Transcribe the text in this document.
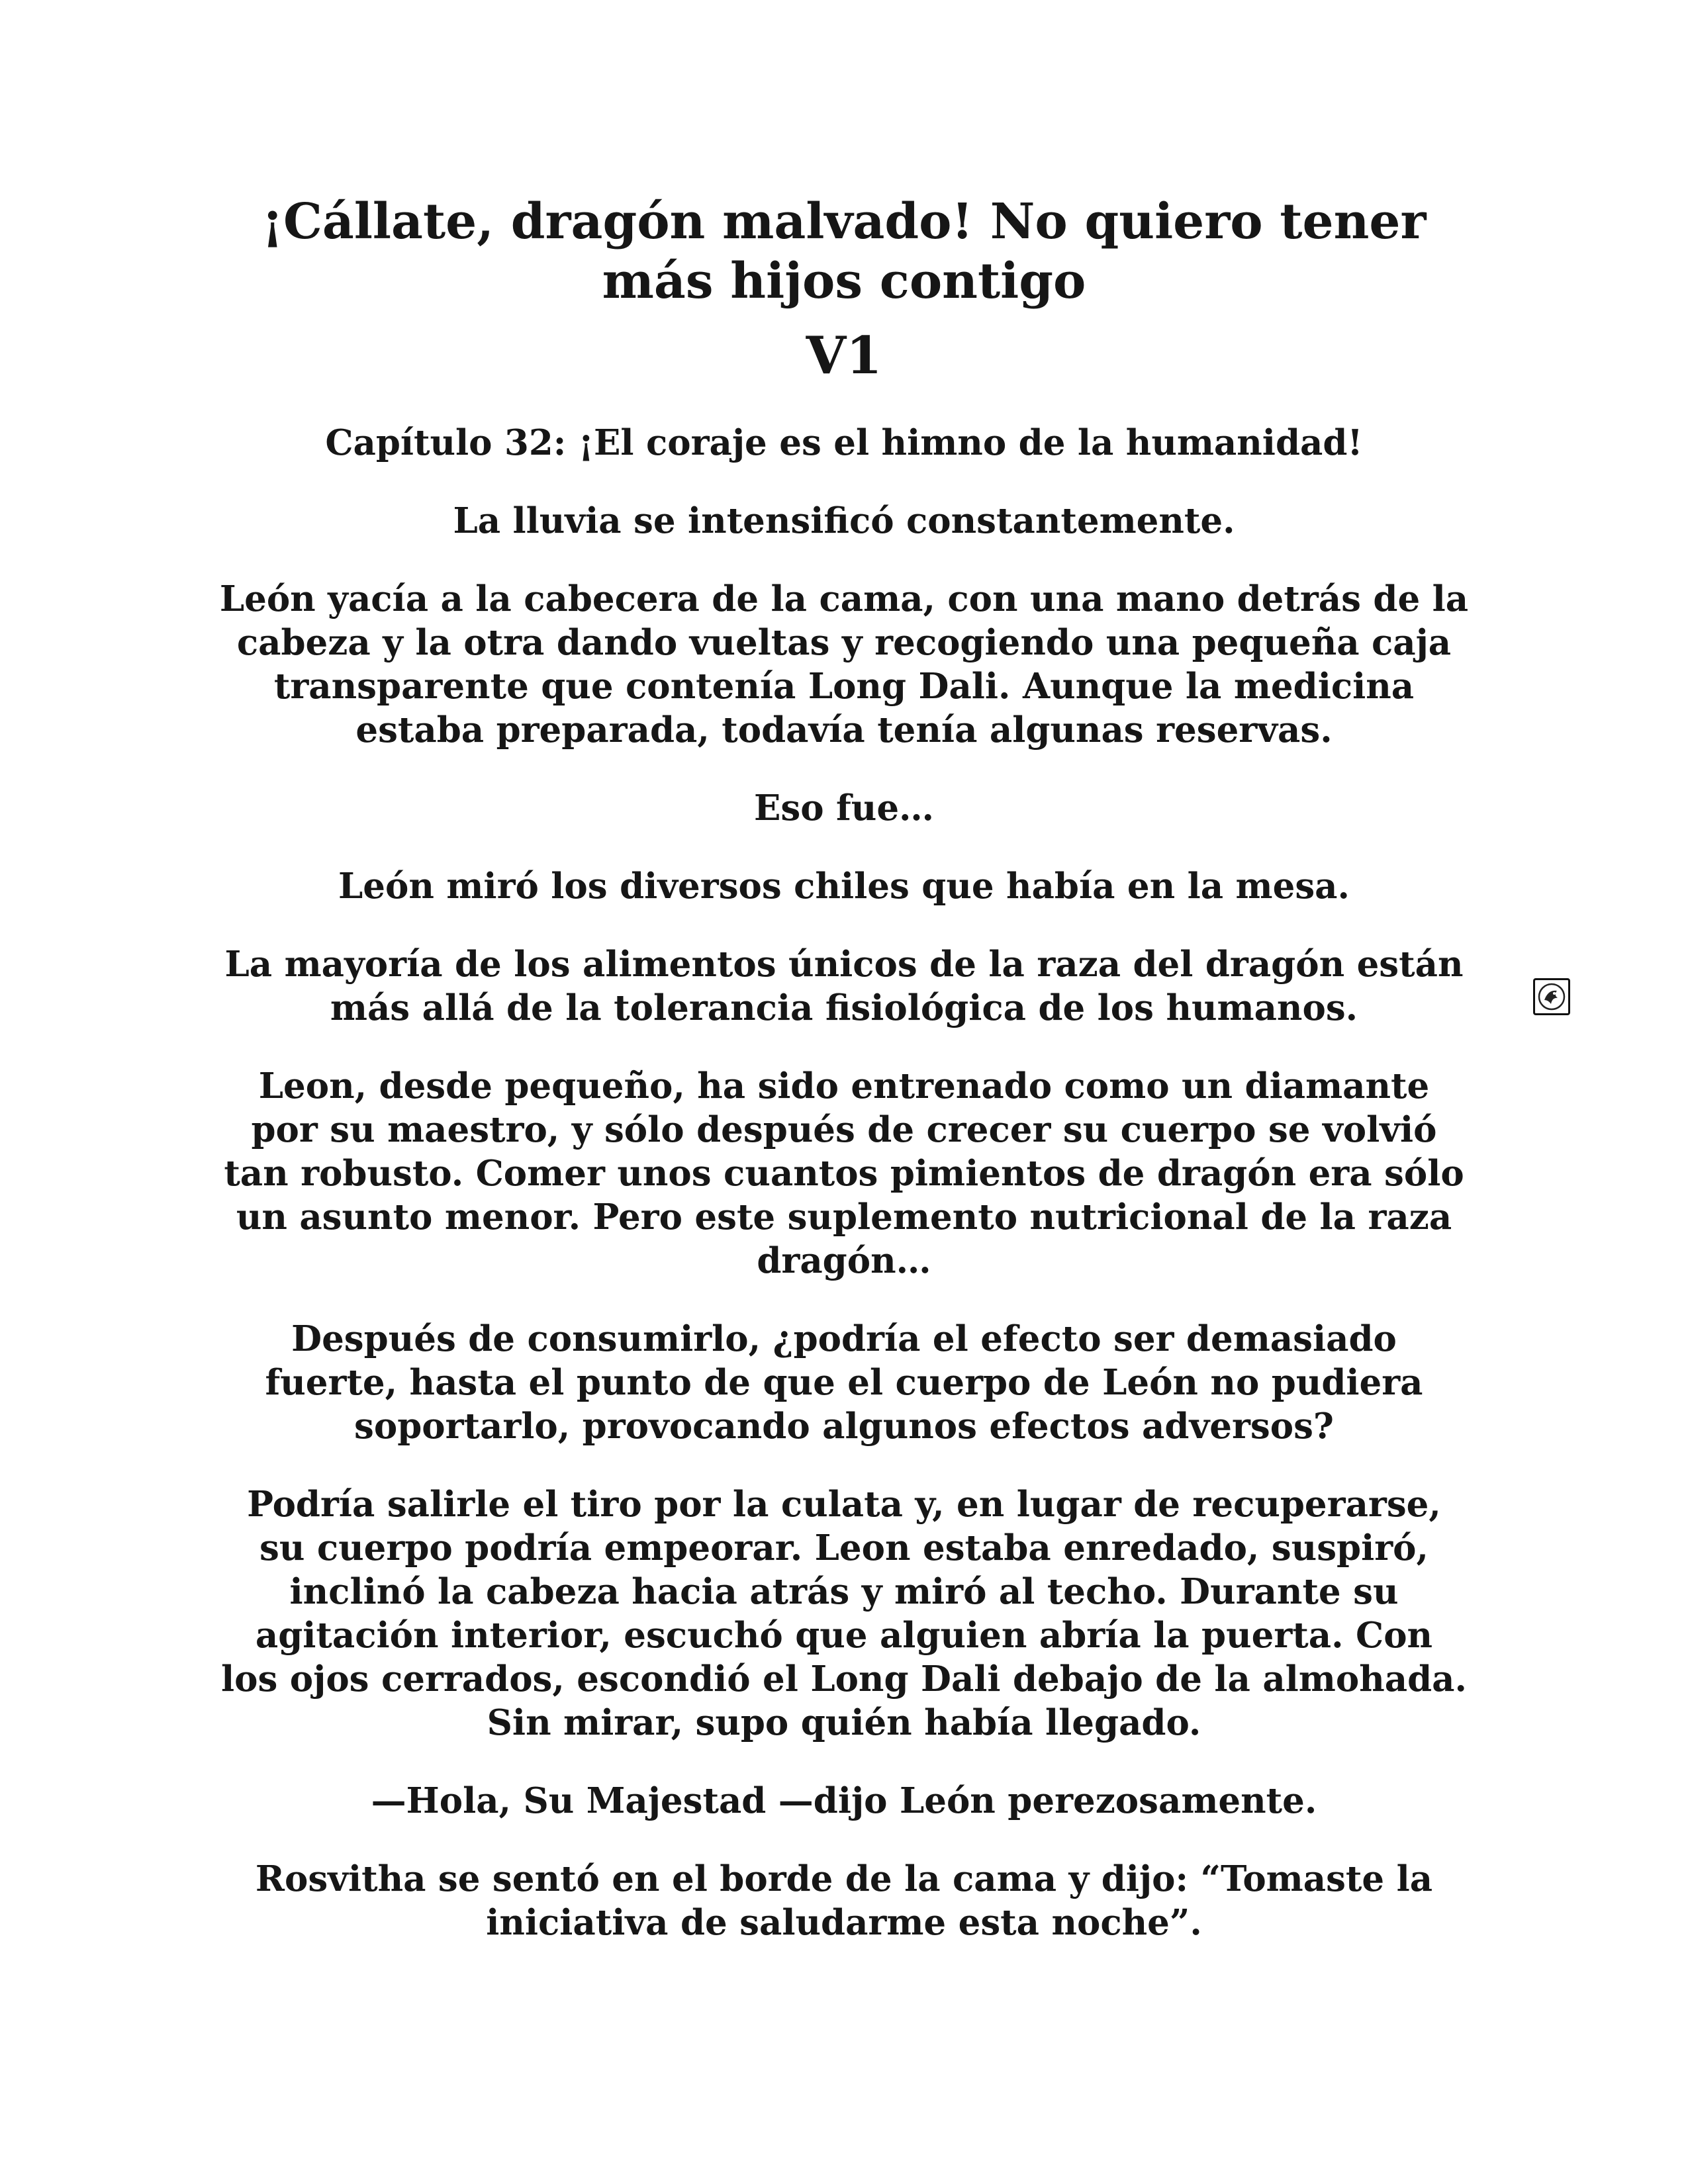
¡Cállate, dragón malvado! No quiero tener
más hijos contigo
V1
Capítulo 32: ¡El coraje es el himno de la humanidad!

La lluvia se intensificó constantemente.

León yacía a la cabecera de la cama, con una mano detrás de la
cabeza y la otra dando vueltas y recogiendo una pequeña caja
transparente que contenía Long Dali. Aunque la medicina
estaba preparada, todavía tenía algunas reservas.

Eso fue…

León miró los diversos chiles que había en la mesa.

La mayoría de los alimentos únicos de la raza del dragón están
más allá de la tolerancia fisiológica de los humanos.

Leon, desde pequeño, ha sido entrenado como un diamante
por su maestro, y sólo después de crecer su cuerpo se volvió
tan robusto. Comer unos cuantos pimientos de dragón era sólo
un asunto menor. Pero este suplemento nutricional de la raza
dragón…

Después de consumirlo, ¿podría el efecto ser demasiado
fuerte, hasta el punto de que el cuerpo de León no pudiera
soportarlo, provocando algunos efectos adversos?

Podría salirle el tiro por la culata y, en lugar de recuperarse,
su cuerpo podría empeorar. Leon estaba enredado, suspiró,
inclinó la cabeza hacia atrás y miró al techo. Durante su
agitación interior, escuchó que alguien abría la puerta. Con
los ojos cerrados, escondió el Long Dali debajo de la almohada.
Sin mirar, supo quién había llegado.

—Hola, Su Majestad —dijo León perezosamente.

Rosvitha se sentó en el borde de la cama y dijo: “Tomaste la
iniciativa de saludarme esta noche”.
